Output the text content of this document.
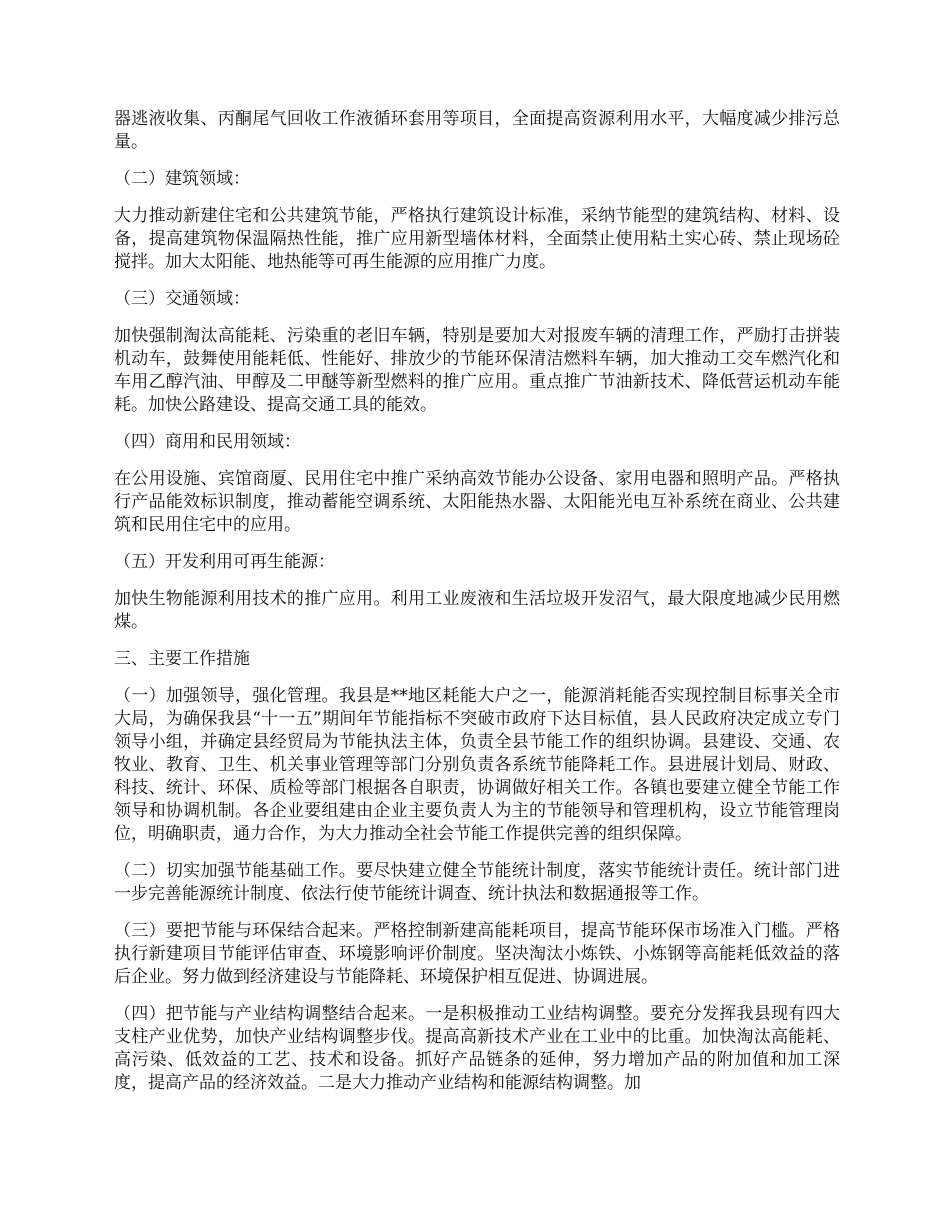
器逃液收集、丙酮尾气回收工作液循环套用等项目，全面提高资源利用水平，大幅度减少排污总量。

（二）建筑领域：

大力推动新建住宅和公共建筑节能，严格执行建筑设计标准，采纳节能型的建筑结构、材料、设备，提高建筑物保温隔热性能，推广应用新型墙体材料，全面禁止使用粘土实心砖、禁止现场砼搅拌。加大太阳能、地热能等可再生能源的应用推广力度。

（三）交通领域：

加快强制淘汰高能耗、污染重的老旧车辆，特别是要加大对报废车辆的清理工作，严励打击拼装机动车，鼓舞使用能耗低、性能好、排放少的节能环保清洁燃料车辆，加大推动工交车燃汽化和车用乙醇汽油、甲醇及二甲醚等新型燃料的推广应用。重点推广节油新技术、降低营运机动车能耗。加快公路建设、提高交通工具的能效。

（四）商用和民用领域：

在公用设施、宾馆商厦、民用住宅中推广采纳高效节能办公设备、家用电器和照明产品。严格执行产品能效标识制度，推动蓄能空调系统、太阳能热水器、太阳能光电互补系统在商业、公共建筑和民用住宅中的应用。

（五）开发利用可再生能源：

加快生物能源利用技术的推广应用。利用工业废液和生活垃圾开发沼气，最大限度地减少民用燃煤。

三、主要工作措施

（一）加强领导，强化管理。我县是**地区耗能大户之一，能源消耗能否实现控制目标事关全市大局，为确保我县“十一五”期间年节能指标不突破市政府下达目标值，县人民政府决定成立专门领导小组，并确定县经贸局为节能执法主体，负责全县节能工作的组织协调。县建设、交通、农牧业、教育、卫生、机关事业管理等部门分别负责各系统节能降耗工作。县进展计划局、财政、科技、统计、环保、质检等部门根据各自职责，协调做好相关工作。各镇也要建立健全节能工作领导和协调机制。各企业要组建由企业主要负责人为主的节能领导和管理机构，设立节能管理岗位，明确职责，通力合作，为大力推动全社会节能工作提供完善的组织保障。

（二）切实加强节能基础工作。要尽快建立健全节能统计制度，落实节能统计责任。统计部门进一步完善能源统计制度、依法行使节能统计调查、统计执法和数据通报等工作。

（三）要把节能与环保结合起来。严格控制新建高能耗项目，提高节能环保市场准入门槛。严格执行新建项目节能评估审查、环境影响评价制度。坚决淘汰小炼铁、小炼钢等高能耗低效益的落后企业。努力做到经济建设与节能降耗、环境保护相互促进、协调进展。

（四）把节能与产业结构调整结合起来。一是积极推动工业结构调整。要充分发挥我县现有四大支柱产业优势，加快产业结构调整步伐。提高高新技术产业在工业中的比重。加快淘汰高能耗、高污染、低效益的工艺、技术和设备。抓好产品链条的延伸，努力增加产品的附加值和加工深度，提高产品的经济效益。二是大力推动产业结构和能源结构调整。加
